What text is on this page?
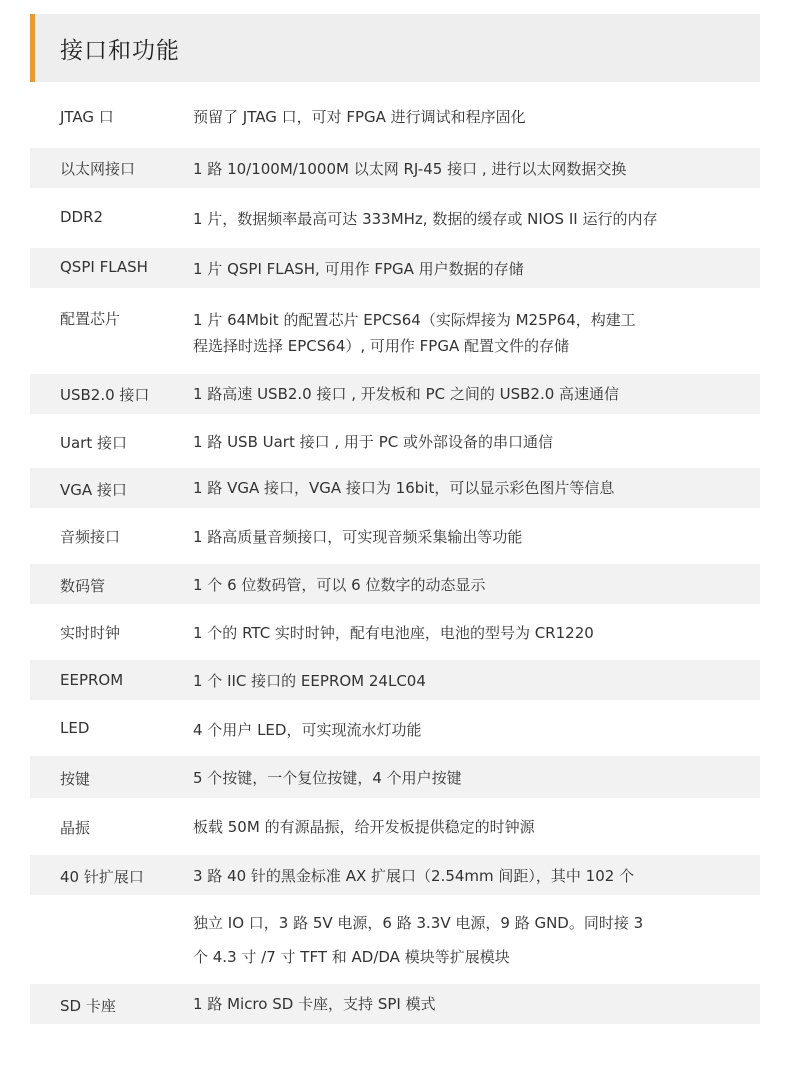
接口和功能
JTAG 口	预留了 JTAG 口，可对 FPGA 进行调试和程序固化
以太网接口	1 路 10/100M/1000M 以太网 RJ-45 接口 , 进行以太网数据交换
DDR2	1 片，数据频率最高可达 333MHz, 数据的缓存或 NIOS II 运行的内存
QSPI FLASH	1 片 QSPI FLASH, 可用作 FPGA 用户数据的存储
配置芯片	1 片 64Mbit 的配置芯片 EPCS64（实际焊接为 M25P64，构建工
程选择时选择 EPCS64）, 可用作 FPGA 配置文件的存储
USB2.0 接口	1 路高速 USB2.0 接口 , 开发板和 PC 之间的 USB2.0 高速通信
Uart 接口	1 路 USB Uart 接口 , 用于 PC 或外部设备的串口通信
VGA 接口	1 路 VGA 接口，VGA 接口为 16bit，可以显示彩色图片等信息
音频接口	1 路高质量音频接口，可实现音频采集输出等功能
数码管	1 个 6 位数码管，可以 6 位数字的动态显示
实时时钟	1 个的 RTC 实时时钟，配有电池座，电池的型号为 CR1220
EEPROM	1 个 IIC 接口的 EEPROM 24LC04
LED	4 个用户 LED，可实现流水灯功能
按键	5 个按键，一个复位按键，4 个用户按键
晶振	板载 50M 的有源晶振，给开发板提供稳定的时钟源
40 针扩展口	3 路 40 针的黑金标准 AX 扩展口（2.54mm 间距），其中 102 个
独立 IO 口，3 路 5V 电源，6 路 3.3V 电源，9 路 GND。同时接 3
个 4.3 寸 /7 寸 TFT 和 AD/DA 模块等扩展模块
SD 卡座	1 路 Micro SD 卡座，支持 SPI 模式
